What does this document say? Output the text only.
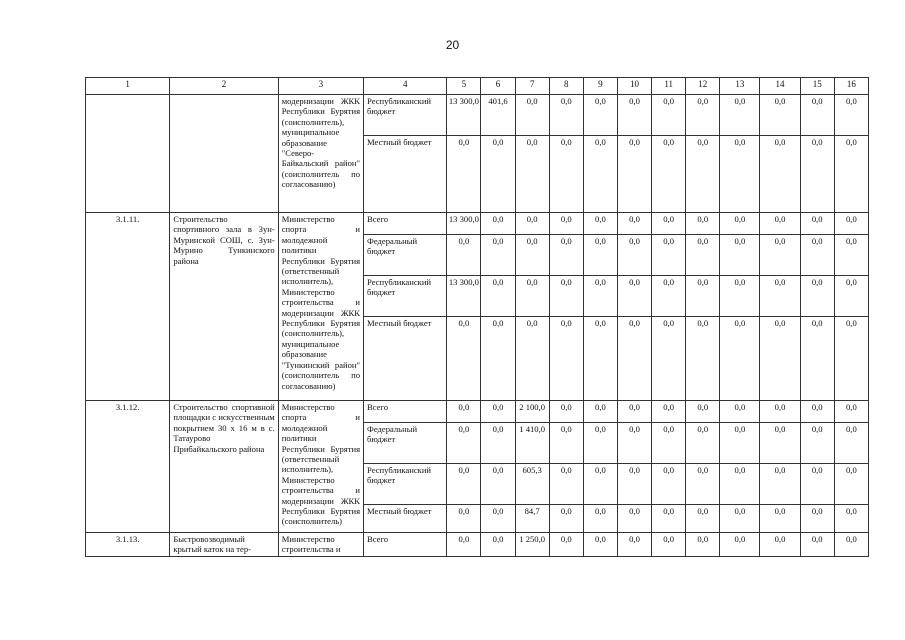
20
1	2	3	4	5	6	7	8	9	10	11	12	13	14	15	16
		модернизации ЖКК Республики Бурятия (соисполнитель), муниципальное образование "Северо-Байкальский район" (соисполнитель по согласованию)	Республиканский бюджет	13 300,0	401,6	0,0	0,0	0,0	0,0	0,0	0,0	0,0	0,0	0,0	0,0
			Местный бюджет	0,0	0,0	0,0	0,0	0,0	0,0	0,0	0,0	0,0	0,0	0,0	0,0
3.1.11.	Строительство спортивного зала в Зун-Муринской СОШ, с. Зун-Мурино Тункинского района	Министерство спорта и молодежной политики Республики Бурятия (ответственный исполнитель), Министерство строительства и модернизации ЖКК Республики Бурятия (соисполнитель), муниципальное образование "Тункинский район" (соисполнитель по согласованию)	Всего	13 300,0	0,0	0,0	0,0	0,0	0,0	0,0	0,0	0,0	0,0	0,0	0,0
			Федеральный бюджет	0,0	0,0	0,0	0,0	0,0	0,0	0,0	0,0	0,0	0,0	0,0	0,0
			Республиканский бюджет	13 300,0	0,0	0,0	0,0	0,0	0,0	0,0	0,0	0,0	0,0	0,0	0,0
			Местный бюджет	0,0	0,0	0,0	0,0	0,0	0,0	0,0	0,0	0,0	0,0	0,0	0,0
3.1.12.	Строительство спортивной площадки с искусственным покрытием 30 х 16 м в с. Татаурово Прибайкальского района	Министерство спорта и молодежной политики Республики Бурятия (ответственный исполнитель), Министерство строительства и модернизации ЖКК Республики Бурятия (соисполнитель)	Всего	0,0	0,0	2 100,0	0,0	0,0	0,0	0,0	0,0	0,0	0,0	0,0	0,0
			Федеральный бюджет	0,0	0,0	1 410,0	0,0	0,0	0,0	0,0	0,0	0,0	0,0	0,0	0,0
			Республиканский бюджет	0,0	0,0	605,3	0,0	0,0	0,0	0,0	0,0	0,0	0,0	0,0	0,0
			Местный бюджет	0,0	0,0	84,7	0,0	0,0	0,0	0,0	0,0	0,0	0,0	0,0	0,0
3.1.13.	Быстровозводимый крытый каток на тер-	Министерство строительства и	Всего	0,0	0,0	1 250,0	0,0	0,0	0,0	0,0	0,0	0,0	0,0	0,0	0,0
